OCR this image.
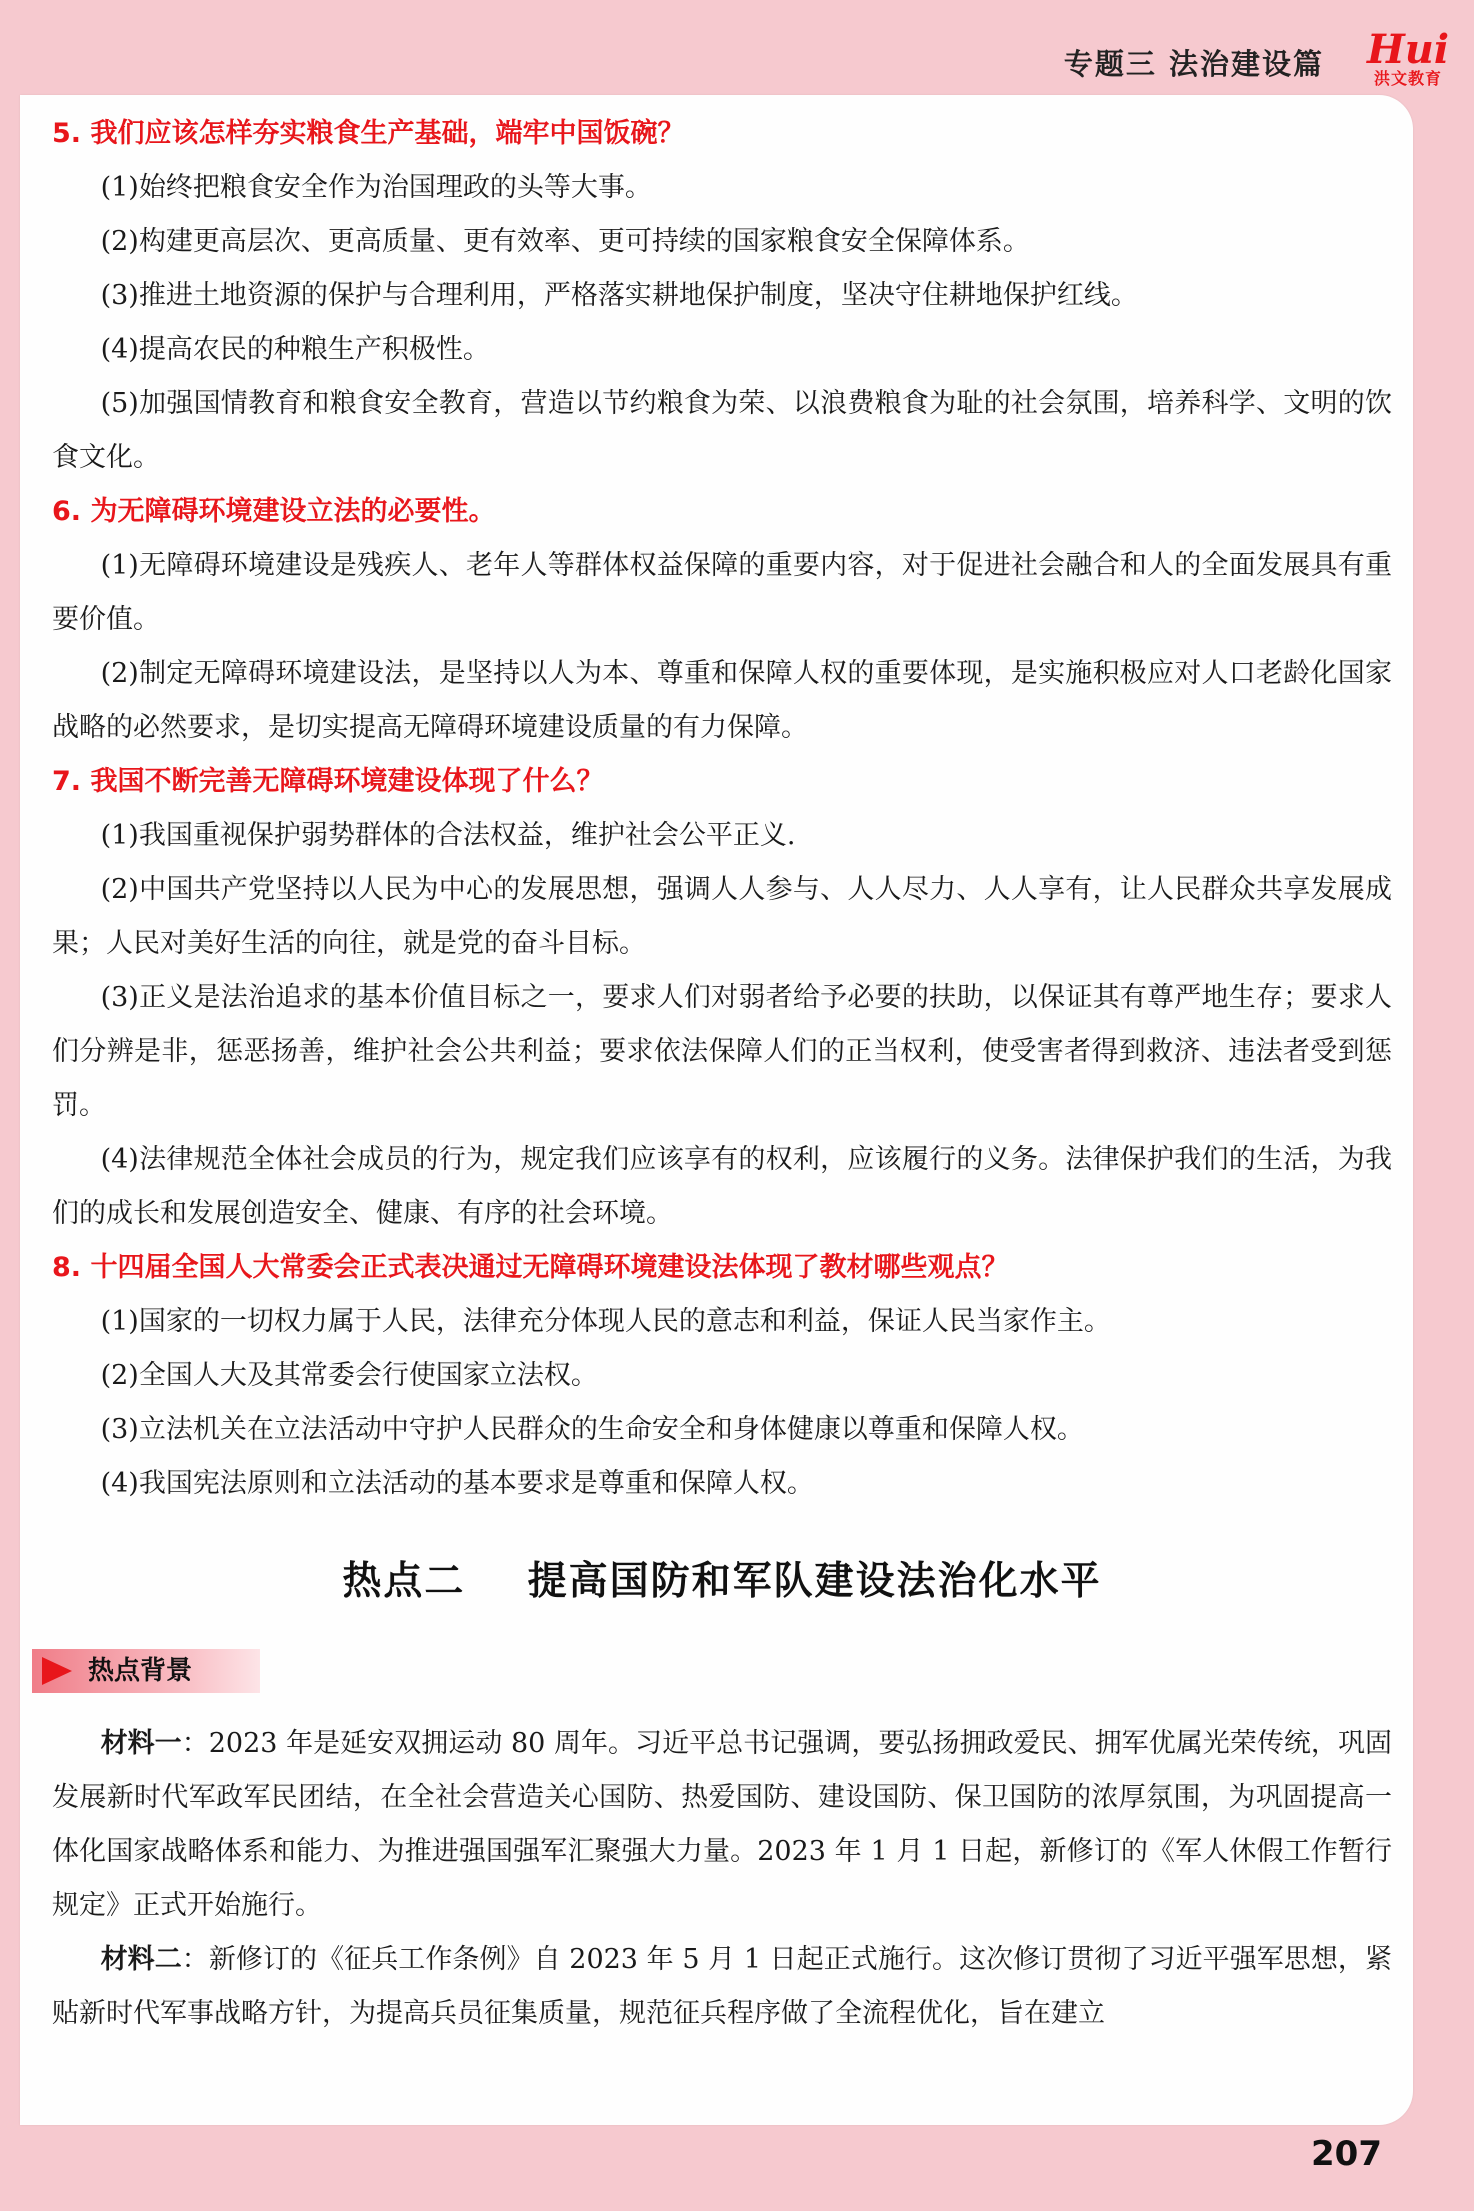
专题三 法治建设篇 Hui
洪文教育
5. 我们应该怎样夯实粮食生产基础，端牢中国饭碗？

(1)始终把粮食安全作为治国理政的头等大事。

(2)构建更高层次、更高质量、更有效率、更可持续的国家粮食安全保障体系。

(3)推进土地资源的保护与合理利用，严格落实耕地保护制度，坚决守住耕地保护红线。

(4)提高农民的种粮生产积极性。

(5)加强国情教育和粮食安全教育，营造以节约粮食为荣、以浪费粮食为耻的社会氛围，培养科学、文明的饮食文化。

6. 为无障碍环境建设立法的必要性。

(1)无障碍环境建设是残疾人、老年人等群体权益保障的重要内容，对于促进社会融合和人的全面发展具有重要价值。

(2)制定无障碍环境建设法，是坚持以人为本、尊重和保障人权的重要体现，是实施积极应对人口老龄化国家战略的必然要求，是切实提高无障碍环境建设质量的有力保障。

7. 我国不断完善无障碍环境建设体现了什么？

(1)我国重视保护弱势群体的合法权益，维护社会公平正义.

(2)中国共产党坚持以人民为中心的发展思想，强调人人参与、人人尽力、人人享有，让人民群众共享发展成果；人民对美好生活的向往，就是党的奋斗目标。

(3)正义是法治追求的基本价值目标之一，要求人们对弱者给予必要的扶助，以保证其有尊严地生存；要求人们分辨是非，惩恶扬善，维护社会公共利益；要求依法保障人们的正当权利，使受害者得到救济、违法者受到惩罚。

(4)法律规范全体社会成员的行为，规定我们应该享有的权利，应该履行的义务。法律保护我们的生活，为我们的成长和发展创造安全、健康、有序的社会环境。

8. 十四届全国人大常委会正式表决通过无障碍环境建设法体现了教材哪些观点？

(1)国家的一切权力属于人民，法律充分体现人民的意志和利益，保证人民当家作主。

(2)全国人大及其常委会行使国家立法权。

(3)立法机关在立法活动中守护人民群众的生命安全和身体健康以尊重和保障人权。

(4)我国宪法原则和立法活动的基本要求是尊重和保障人权。

热点二    提高国防和军队建设法治化水平
热点背景

材料一：2023 年是延安双拥运动 80 周年。习近平总书记强调，要弘扬拥政爱民、拥军优属光荣传统，巩固发展新时代军政军民团结，在全社会营造关心国防、热爱国防、建设国防、保卫国防的浓厚氛围，为巩固提高一体化国家战略体系和能力、为推进强国强军汇聚强大力量。2023 年 1 月 1 日起，新修订的《军人休假工作暂行规定》正式开始施行。

材料二：新修订的《征兵工作条例》自 2023 年 5 月 1 日起正式施行。这次修订贯彻了习近平强军思想，紧贴新时代军事战略方针，为提高兵员征集质量，规范征兵程序做了全流程优化，旨在建立

207
